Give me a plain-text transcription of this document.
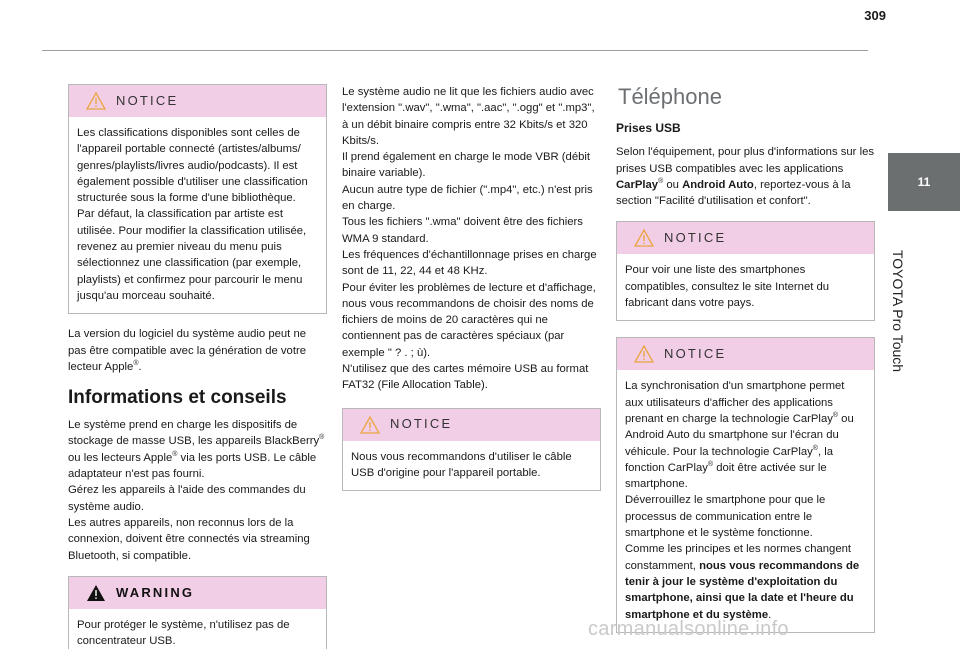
309
11
TOYOTA Pro Touch
NOTICE
Les classifications disponibles sont celles de l'appareil portable connecté (artistes/albums/ genres/playlists/livres audio/podcasts). Il est également possible d'utiliser une classification structurée sous la forme d'une bibliothèque.
Par défaut, la classification par artiste est utilisée. Pour modifier la classification utilisée, revenez au premier niveau du menu puis sélectionnez une classification (par exemple, playlists) et confirmez pour parcourir le menu jusqu'au morceau souhaité.
La version du logiciel du système audio peut ne pas être compatible avec la génération de votre lecteur Apple®.
Informations et conseils
Le système prend en charge les dispositifs de stockage de masse USB, les appareils BlackBerry® ou les lecteurs Apple® via les ports USB. Le câble adaptateur n'est pas fourni.
Gérez les appareils à l'aide des commandes du système audio.
Les autres appareils, non reconnus lors de la connexion, doivent être connectés via streaming Bluetooth, si compatible.
WARNING
Pour protéger le système, n'utilisez pas de concentrateur USB.
Le système audio ne lit que les fichiers audio avec l'extension ".wav", ".wma", ".aac", ".ogg" et ".mp3", à un débit binaire compris entre 32 Kbits/s et 320 Kbits/s.
Il prend également en charge le mode VBR (débit binaire variable).
Aucun autre type de fichier (".mp4", etc.) n'est pris en charge.
Tous les fichiers ".wma" doivent être des fichiers WMA 9 standard.
Les fréquences d'échantillonnage prises en charge sont de 11, 22, 44 et 48 KHz.
Pour éviter les problèmes de lecture et d'affichage, nous vous recommandons de choisir des noms de fichiers de moins de 20 caractères qui ne contiennent pas de caractères spéciaux (par exemple " ? . ; ù).
N'utilisez que des cartes mémoire USB au format FAT32 (File Allocation Table).
NOTICE
Nous vous recommandons d'utiliser le câble USB d'origine pour l'appareil portable.
Téléphone
Prises USB
Selon l'équipement, pour plus d'informations sur les prises USB compatibles avec les applications CarPlay® ou Android Auto, reportez-vous à la section "Facilité d'utilisation et confort".
NOTICE
Pour voir une liste des smartphones compatibles, consultez le site Internet du fabricant dans votre pays.
NOTICE
La synchronisation d'un smartphone permet aux utilisateurs d'afficher des applications prenant en charge la technologie CarPlay® ou Android Auto du smartphone sur l'écran du véhicule. Pour la technologie CarPlay®, la fonction CarPlay® doit être activée sur le smartphone.
Déverrouillez le smartphone pour que le processus de communication entre le smartphone et le système fonctionne.
Comme les principes et les normes changent constamment, nous vous recommandons de tenir à jour le système d'exploitation du smartphone, ainsi que la date et l'heure du smartphone et du système.
carmanualsonline.info
